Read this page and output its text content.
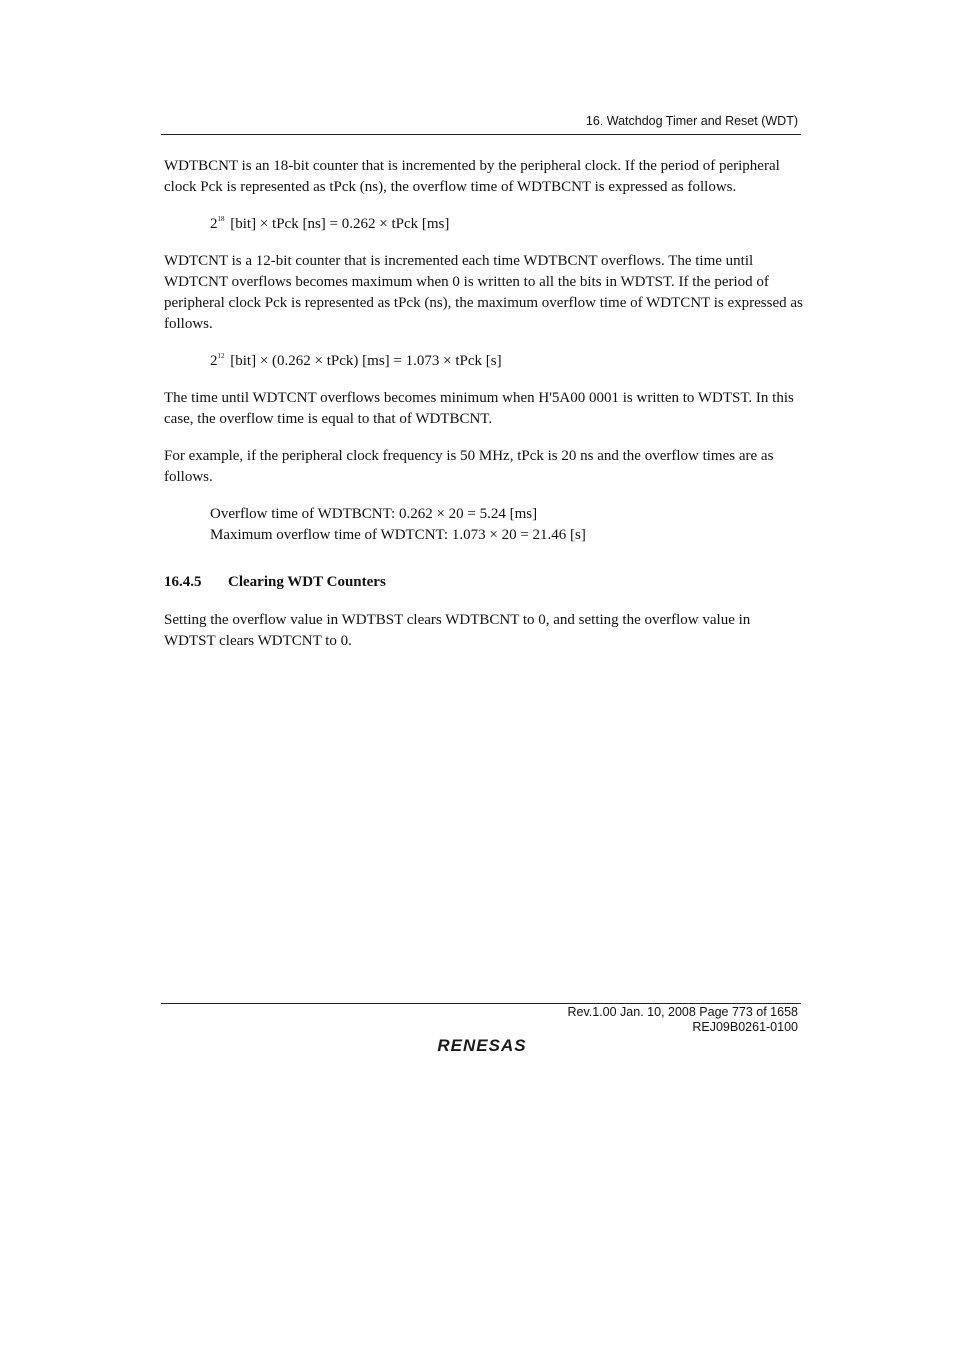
16. Watchdog Timer and Reset (WDT)

WDTBCNT is an 18-bit counter that is incremented by the peripheral clock. If the period of peripheral clock Pck is represented as tPck (ns), the overflow time of WDTBCNT is expressed as follows.

$2^{18}$ [bit] × tPck [ns] = 0.262 × tPck [ms]

WDTCNT is a 12-bit counter that is incremented each time WDTBCNT overflows. The time until WDTCNT overflows becomes maximum when 0 is written to all the bits in WDTST. If the period of peripheral clock Pck is represented as tPck (ns), the maximum overflow time of WDTCNT is expressed as follows.

$2^{12}$ [bit] × (0.262 × tPck) [ms] = 1.073 × tPck [s]

The time until WDTCNT overflows becomes minimum when H'5A00 0001 is written to WDTST. In this case, the overflow time is equal to that of WDTBCNT.

For example, if the peripheral clock frequency is 50 MHz, tPck is 20 ns and the overflow times are as follows.

Overflow time of WDTBCNT: 0.262 × 20 = 5.24 [ms]
Maximum overflow time of WDTCNT: 1.073 × 20 = 21.46 [s]
16.4.5 Clearing WDT Counters

Setting the overflow value in WDTBST clears WDTBCNT to 0, and setting the overflow value in WDTST clears WDTCNT to 0.

Rev.1.00 Jan. 10, 2008 Page 773 of 1658
REJ09B0261-0100
RENESAS
